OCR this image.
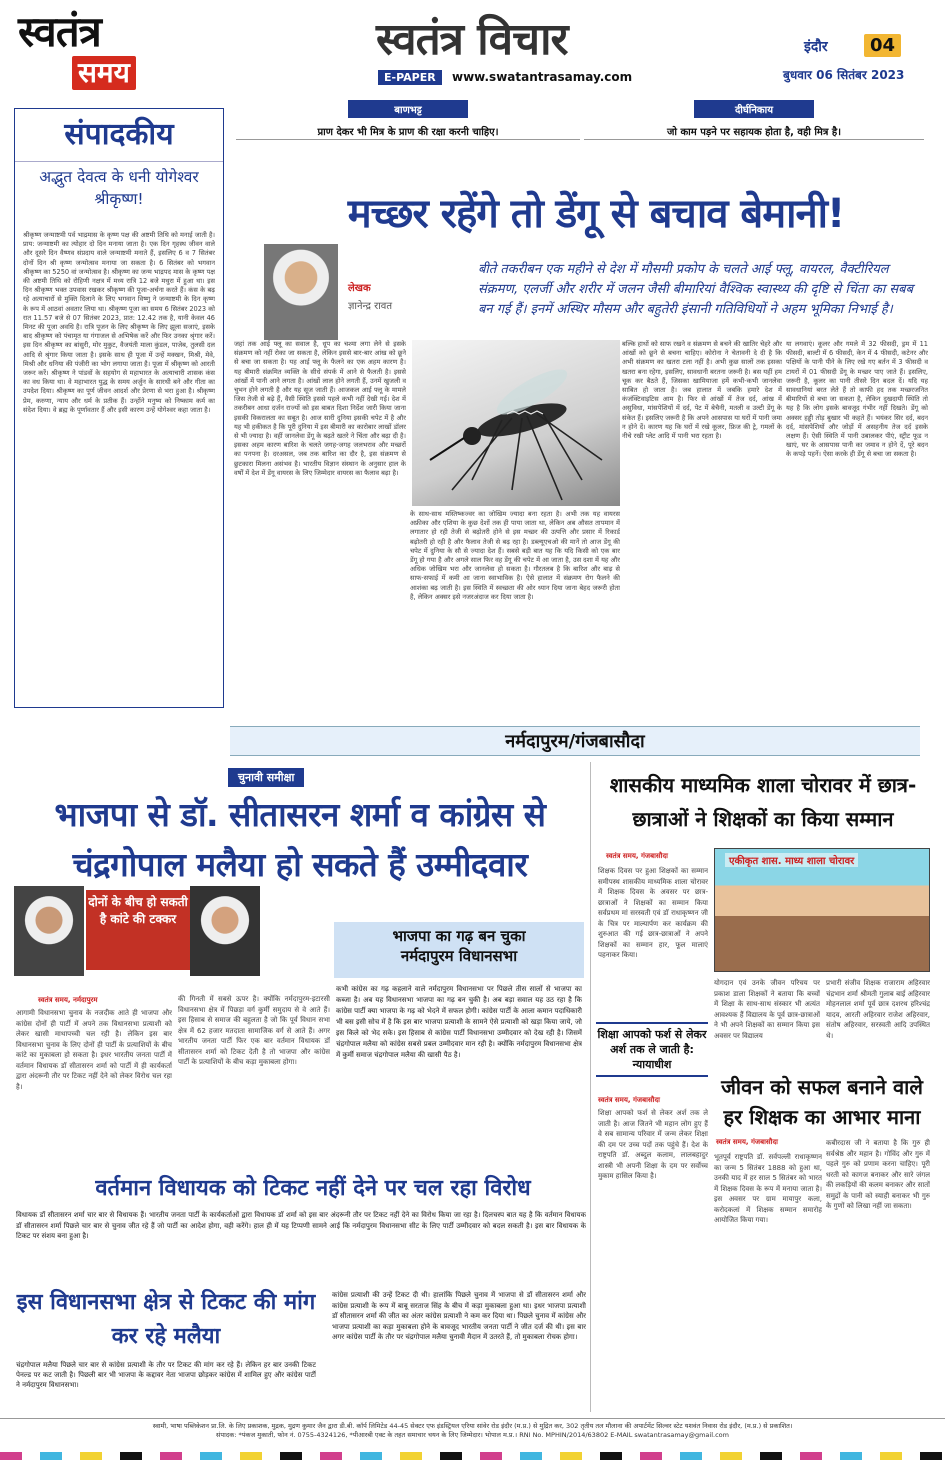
स्वतंत्र
समय
स्वतंत्र विचार
E-PAPER	www.swatantrasamay.com
इंदौर	04
बुधवार 06 सितंबर 2023
बाणभट्ट
प्राण देकर भी मित्र के प्राण की रक्षा करनी चाहिए।
दीर्घनिकाय
जो काम पड़ने पर सहायक होता है, वही मित्र है।
संपादकीय
अद्भुत देवत्व के धनी योगेश्वर श्रीकृष्ण!
श्रीकृष्ण जन्माष्टमी पर्व भाद्रमास के कृष्ण पक्ष की अष्टमी तिथि को मनाई जाती है। प्राय: जन्माष्टमी का त्योहार दो दिन मनाया जाता है। एक दिन गृहस्थ जीवन वाले और दूसरे दिन वैष्णव संप्रदाय वाले जन्माष्टमी मनाते हैं, इसलिए 6 व 7 सितंबर दोनों दिन श्री कृष्ण जन्मोत्सव मनाया जा सकता है। 6 सितंबर को भगवान श्रीकृष्ण का 5250 वां जन्मोत्सव है। श्रीकृष्ण का जन्म भाद्रपद मास के कृष्ण पक्ष की अष्टमी तिथि को रोहिणी नक्षत्र में मध्य रात्रि 12 बजे मथुरा में हुआ था। इस दिन श्रीकृष्ण भक्त उपवास रखकर श्रीकृष्ण की पूजा-अर्चना करते हैं। कंस के बढ़ रहे अत्याचारों से मुक्ति दिलाने के लिए भगवान विष्णु ने जन्माष्टमी के दिन कृष्ण के रूप में आठवां अवतार लिया था। श्रीकृष्ण पूजा का समय 6 सितंबर 2023 को रात 11.57 बजे से 07 सितंबर 2023, प्रात: 12.42 तक है, यानी केवल 46 मिनट की पूजा अवधि है। रात्रि पूजन के लिए श्रीकृष्ण के लिए झूला सजाएं, इसके बाद श्रीकृष्ण को पंचामृत या गंगाजल से अभिषेक करें और फिर उनका श्रृंगार करें। इस दिन श्रीकृष्ण का बांसुरी, मोर मुकुट, वैजयंती माला कुंडल, पाजेब, तुलसी दल आदि से श्रृंगार किया जाता है। इसके साथ ही पूजा में उन्हें मक्खन, मिश्री, मेवे, मिश्री और धनिया की पंजीरी का भोग लगाया जाता है। पूजा में श्रीकृष्ण को आरती जरूर करें। श्रीकृष्ण ने पांडवों के सहयोग से महाभारत के अत्याचारी शासक कंस का वध किया था। वे महाभारत युद्ध के समय अर्जुन के सारथी बने और गीता का उपदेश दिया। श्रीकृष्ण का पूर्ण जीवन आदर्श और प्रेरणा से भरा हुआ है। श्रीकृष्ण प्रेम, करुणा, न्याय और धर्म के प्रतीक हैं। उन्होंने मनुष्य को निष्काम कर्म का संदेश दिया। वे ब्रह्म के पूर्णावतार हैं और इसी कारण उन्हें योगेश्वर कहा जाता है।
मच्छर रहेंगे तो डेंगू से बचाव बेमानी!
लेखक
ज्ञानेन्द्र रावत
बीते तकरीबन एक महीने से देश में मौसमी प्रकोप के चलते आई फ्लू, वायरल, वैक्टीरियल संक्रमण, एलर्जी और शरीर में जलन जैसी बीमारियां वैश्विक स्वास्थ्य की दृष्टि से चिंता का सबब बन गई हैं। इनमें अस्थिर मौसम और बहुतेरी इंसानी गतिविधियों ने अहम भूमिका निभाई है।
जहां तक आई फ्लू का सवाल है, धूप का चश्मा लगा लेने से इसके संक्रमण को नहीं रोका जा सकता है, लेकिन इससे बार-बार आंख को छूने से बचा जा सकता है। यह आई फ्लू के फैलने का एक अहम कारण है। यह बीमारी संक्रमित व्यक्ति के सीधे संपर्क में आने से फैलती है। इससे आंखों में पानी आने लगता है। आंखों लाल होने लगती हैं, उनमें खुजली व चुभन होने लगती है और यह सूज जाती हैं। आजकल आई फ्लू के मामले जिस तेजी से बढ़े हैं, वैसी स्थिति इससे पहले कभी नहीं देखी गई। देश में तकरीबन आधा दर्जन राज्यों को इस बाबत दिशा निर्देश जारी किया जाना इसकी विकरालता का सबूत है। आज सारी दुनिया इसकी चपेट में है और यह भी हकीकत है कि पूरी दुनिया में इस बीमारी का कारोबार लाखों डॉलर से भी ज्यादा है। वहीं जानलेवा डेंगू के बढ़ते खतरे ने चिंता और बढ़ा दी है। इसका अहम कारण बारिश के चलते जगह-जगह जलभराव और मच्छरों का पनपना है। दरअसल, जब तक बारिश का दौर है, इस संक्रमण से छुटकारा मिलना असंभव है। भारतीय विज्ञान संस्थान के अनुसार हाल के वर्षों में देश में डेंगू वायरस के लिए जिम्मेदार वायरस का फैलाव बढ़ा है।
के साथ-साथ मस्तिष्कज्वर का जोखिम ज्यादा बना रहता है। अभी तक यह वायरस अफ्रीका और एशिया के कुछ देशों तक ही पाया जाता था, लेकिन अब औसत तापमान में लगातार हो रही तेजी से बढ़ोतरी होने से इस मच्छर की उत्पत्ति और प्रसार में रिकार्ड बढ़ोतरी हो रही है और फैलाव तेजी से बढ़ रहा है। डब्ल्यूएचओ की मानें तो आज डेंगू की चपेट में दुनिया के सौ से ज्यादा देश हैं। सबसे बड़ी बात यह कि यदि किसी को एक बार डेंगू हो गया है और अगले साल फिर वह डेंगू की चपेट में आ जाता है, उस दशा में यह और अधिक जोखिम भरा और जानलेवा हो सकता है। गौरतलब है कि बारिश और बाढ़ से साफ-सफाई में कमी आ जाना स्वाभाविक है। ऐसे हालात में संक्रमण रोग फैलने की आशंका बढ़ जाती है। इस स्थिति में स्वच्छता की ओर ध्यान दिया जाना बेहद जरूरी होता है, लेकिन अक्सर इसे नजरअंदाज कर दिया जाता है।
बल्कि हाथों को साफ रखने व संक्रमण से बचने की खातिर चेहरे और आंखों को छूने से बचना चाहिए। कोरोना ने चेतावनी दे दी है कि अभी संक्रमण का खतरा टला नहीं है। अभी कुछ सालों तक इसका खतरा बना रहेगा, इसलिए, सावधानी बरतना जरूरी है। बस यहीं हम चूक कर बैठते हैं, जिसका खामियाजा हमें कभी-कभी जानलेवा साबित हो जाता है। जब हालात में जबकि हमारे देश में कंजंक्टिवाइटिस आम है। फिर से आंखों में तेज दर्द, आंख में असुविधा, मांसपेशियों में दर्द, पेट में बेचैनी, मतली व उल्टी डेंगू के संकेत हैं। इसलिए जरूरी है कि अपने आसपास या घरों में पानी जमा न होने दें। कारण यह कि घरों में रखे कूलर, फ्रिज की ट्रे, गमलों के नीचे रखी प्लेट आदि में पानी भरा रहता है।
या लगवाएं। कूलर और गमले में 32 फीसदी, ड्रम में 11 फीसदी, बाल्टी में 6 फीसदी, केन में 4 फीसदी, कटेनर और पक्षियों के पानी पीने के लिए रखे गए बर्तन में 3 फीसदी व टायरों में 01 फीसदी डेंगू के मच्छर पाए जाते हैं। इसलिए, जरूरी है, कूलर का पानी तीसरे दिन बदल दें। यदि यह सावधानियां बरत लेते हैं तो काफी हद तक मच्छरजनित बीमारियों से बचा जा सकता है, लेकिन दुखदायी स्थिति तो यह है कि लोग इसके बावजूद गंभीर नहीं दिखते। डेंगू को अक्सर हड्डी तोड़ बुखार भी कहते हैं। भयंकर सिर दर्द, बदन दर्द, मांसपेशियों और जोड़ों में असहनीय तेज दर्द इसके लक्षण हैं। ऐसी स्थिति में पानी उबालकर पीएं, स्ट्रीट फूड न खाएं, घर के आसपास पानी का जमाव न होने दें, पूरे बदन के कपड़े पहनें। ऐसा करके ही डेंगू से बचा जा सकता है।
नर्मदापुरम/गंजबासौदा
चुनावी समीक्षा
भाजपा से डॉ. सीतासरन शर्मा व कांग्रेस से
चंद्रगोपाल मलैया हो सकते हैं उम्मीदवार
दोनों के बीच हो सकती है कांटे की टक्कर
स्वतंत्र समय, नर्मदापुरम
आगामी विधानसभा चुनाव के नजदीक आते ही भाजपा और कांग्रेस दोनों ही पार्टी में अपने तक विधानसभा प्रत्याशी को लेकर खासी माथापच्ची चल रही है। लेकिन इस बार विधानसभा चुनाव के लिए दोनों ही पार्टी के प्रत्याशियों के बीच कांटे का मुकाबला हो सकता है। इधर भारतीय जनता पार्टी में वर्तमान विधायक डॉ सीतासरन शर्मा को पार्टी में ही कार्यकर्ता द्वारा अंदरूनी तौर पर टिकट नहीं देने को लेकर विरोध चल रहा है।
की गिनती में सबसे ऊपर है। क्योंकि नर्मदापुरम-इटारसी विधानसभा क्षेत्र में पिछड़ा वर्ग कुर्मी समुदाय से वे आते हैं। इस हिसाब से समाज की बहुलता है जो कि पूर्व विधान सभा क्षेत्र में 62 हजार मतदाता सामाजिक वर्ग से आते हैं। अगर भारतीय जनता पार्टी फिर एक बार वर्तमान विधायक डॉ सीतासरन शर्मा को टिकट देती है तो भाजपा और कांग्रेस पार्टी के प्रत्याशियों के बीच कड़ा मुकाबला होगा।
भाजपा का गढ़ बन चुका
नर्मदापुरम विधानसभा
कभी कांग्रेस का गढ़ कहलाने वाले नर्मदापुरम विधानसभा पर पिछले तीस सालों से भाजपा का कब्जा है। अब यह विधानसभा भाजपा का गढ़ बन चुकी है। अब बड़ा सवाल यह उठ रहा है कि कांग्रेस पार्टी क्या भाजपा के गढ़ को भेदने में सफल होगी। कांग्रेस पार्टी के आला कमान पदाधिकारी भी बस इसी सोच में है कि इस बार भाजपा प्रत्याशी के सामने ऐसे प्रत्याशी को खड़ा किया जाये, जो इस किले को भेद सके। इस हिसाब से कांग्रेस पार्टी विधानसभा उम्मीदवार को देख रही है। जिसमें चंद्रगोपाल मलैया को कांग्रेस सबसे प्रबल उम्मीदवार मान रही है। क्योंकि नर्मदापुरम विधानसभा क्षेत्र में कुर्मी समाज चंद्रगोपाल मलैया की खासी पैठ है।
वर्तमान विधायक को टिकट नहीं देने पर चल रहा विरोध
विधायक डॉ सीतासरन शर्मा चार बार से विधायक हैं। भारतीय जनता पार्टी के कार्यकर्ताओं द्वारा विधायक डॉ शर्मा को इस बार अंदरूनी तौर पर टिकट नहीं देने का विरोध किया जा रहा है। दिलचस्प बात यह है कि वर्तमान विधायक डॉ सीतासरन शर्मा पिछले चार बार से चुनाव जीत रहे हैं जो पार्टी का आदेश होगा, वही करेंगे। हाल ही में यह टिप्पणी सामने आई कि नर्मदापुरम विधानसभा सीट के लिए पार्टी उम्मीदवार को बदल सकती है। इस बार विधायक के टिकट पर संशय बना हुआ है।
इस विधानसभा क्षेत्र से टिकट की मांग कर रहे मलैया
चंद्रगोपाल मलैया पिछले चार बार से कांग्रेस प्रत्याशी के तौर पर टिकट की मांग कर रहे हैं। लेकिन हर बार उनकी टिकट पेनल्ड पर कट जाती है। पिछली बार भी भाजपा के कद्दावर नेता भाजपा छोड़कर कांग्रेस में शामिल हुए और कांग्रेस पार्टी ने नर्मदापुरम विधानसभा।
कांग्रेस प्रत्याशी की उन्हें टिकट दी थी। हालांकि पिछले चुनाव में भाजपा से डॉ सीतासरन शर्मा और कांग्रेस प्रत्याशी के रूप में बाबू सरताज सिंह के बीच में कड़ा मुकाबला हुआ था। इधर भाजपा प्रत्याशी डॉ सीतासरन शर्मा की जीत का अंतर कांग्रेस प्रत्याशी ने कम कर दिया था। पिछले चुनाव में कांग्रेस और भाजपा प्रत्याशी का कड़ा मुकाबला होने के बावजूद भारतीय जनता पार्टी ने जीत दर्ज की थी। इस बार अगर कांग्रेस पार्टी के तौर पर चंद्रगोपाल मलैया चुनावी मैदान में उतरते हैं, तो मुकाबला रोचक होगा।
शासकीय माध्यमिक शाला चोरावर में छात्र-छात्राओं ने शिक्षकों का किया सम्मान
स्वतंत्र समय, गंजबासौदा
शिक्षक दिवस पर हुआ शिक्षकों का सम्मान समीपस्थ शासकीय माध्यमिक शाला चोरावर में शिक्षक दिवस के अवसर पर छात्र-छात्राओं ने शिक्षकों का सम्मान किया सर्वप्रथम मां सरस्वती एवं डॉ राधाकृष्णन जी के चित्र पर माल्यार्पण कर कार्यक्रम की शुरुआत की गई छात्र-छात्राओं ने अपने शिक्षकों का सम्मान हार, फूल मालाएं पहनाकर किया।
एकीकृत शास. माध्य शाला चोरावर
योगदान एवं उनके जीवन परिचय पर प्रकाश डाला शिक्षकों ने बताया कि बच्चों में शिक्षा के साथ-साथ संस्कार भी अत्यंत आवश्यक हैं विद्यालय के पूर्व छात्र-छात्राओं ने भी अपने शिक्षकों का सम्मान किया इस अवसर पर विद्यालय
प्रभारी संजीव शिक्षक राजाराम अहिरवार चंद्रभान शर्मा श्रीमती गुलाब बाई अहिरवार मोहनलाल शर्मा पूर्व छात्र दशरथ हरिश्चंद्र यादव, आरती अहिरवार राजेश अहिरवार, संतोष अहिरवार, सरस्वती आदि उपस्थित थे।
शिक्षा आपको फर्श से लेकर अर्श तक ले जाती है: न्यायाधीश
स्वतंत्र समय, गंजबासौदा
शिक्षा आपको फर्श से लेकर अर्श तक ले जाती है। आज जितने भी महान लोग हुए हैं वे सब सामान्य परिवार में जन्म लेकर शिक्षा की दम पर उच्च पदों तक पहुंचे हैं। देश के राष्ट्रपति डॉ. अब्दुल कलाम, लालबहादुर शास्त्री भी अपनी शिक्षा के दम पर सर्वोच्च मुकाम हासिल किया है।
जीवन को सफल बनाने वाले हर शिक्षक का आभार माना
स्वतंत्र समय, गंजबासौदा
भूतपूर्व राष्ट्रपति डॉ. सर्वपल्ली राधाकृष्णन का जन्म 5 सितंबर 1888 को हुआ था, उनकी याद में हर साल 5 सितंबर को भारत में शिक्षक दिवस के रूप में मनाया जाता है। इस अवसर पर ग्राम मायापुर कला, करोदकलां में शिक्षक सम्मान समारोह आयोजित किया गया।
कबीरदास जी ने बताया है कि गुरु ही सर्वश्रेष्ठ और महान है। गोविंद और गुरु में पहले गुरु को प्रणाम करना चाहिए। पूरी धरती को कागज बनाकर और सारे जंगल की लकड़ियों की कलम बनाकर और सातों समुद्रों के पानी को स्याही बनाकर भी गुरु के गुणों को लिखा नहीं जा सकता।
स्वामी, भाषा पब्लिकेशन प्रा.लि. के लिए प्रकाशक, मुद्रक, मुद्रण कुमार जैन द्वारा डी.बी. कॉर्प लिमिटेड 44-45 सेक्टर एफ इंडस्ट्रियल एरिया सांवेर रोड इंदौर (म.प्र.) से मुद्रित कर, 302 तृतीय तल मौलाना की अपार्टमेंट सिल्वर स्टेट यशवंत निवास रोड इंदौर, (म.प्र.) से प्रकाशित।
संपादक: *पंकज मुकाती, फोन नं. 0755-4324126, *पीआरबी एक्ट के तहत समाचार चयन के लिए जिम्मेदार। भोपाल म.प्र.। RNI No. MPHIN/2014/63802 E-MAIL swatantrasamay@gmail.com
